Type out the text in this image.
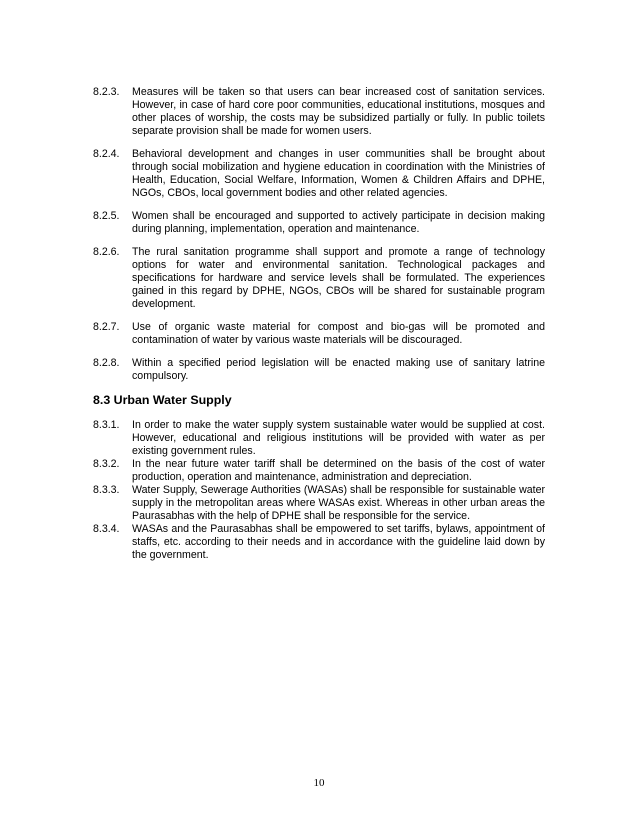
8.2.3.	Measures will be taken so that users can bear increased cost of sanitation services. However, in case of hard core poor communities, educational institutions, mosques and other places of worship, the costs may be subsidized partially or fully. In public toilets separate provision shall be made for women users.
8.2.4.	Behavioral development and changes in user communities shall be brought about through social mobilization and hygiene education in coordination with the Ministries of Health, Education, Social Welfare, Information, Women & Children Affairs and DPHE, NGOs, CBOs, local government bodies and other related agencies.
8.2.5.	Women shall be encouraged and supported to actively participate in decision making during planning, implementation, operation and maintenance.
8.2.6.	The rural sanitation programme shall support and promote a range of technology options for water and environmental sanitation. Technological packages and specifications for hardware and service levels shall be formulated. The experiences gained in this regard by DPHE, NGOs, CBOs will be shared for sustainable program development.
8.2.7.	Use of organic waste material for compost and bio-gas will be promoted and contamination of water by various waste materials will be discouraged.
8.2.8.	Within a specified period legislation will be enacted making use of sanitary latrine compulsory.
8.3 Urban Water Supply
8.3.1.	In order to make the water supply system sustainable water would be supplied at cost. However, educational and religious institutions will be provided with water as per existing government rules.
8.3.2.	In the near future water tariff shall be determined on the basis of the cost of water production, operation and maintenance, administration and depreciation.
8.3.3.	Water Supply, Sewerage Authorities (WASAs) shall be responsible for sustainable water supply in the metropolitan areas where WASAs exist. Whereas in other urban areas the Paurasabhas with the help of DPHE shall be responsible for the service.
8.3.4.	WASAs and the Paurasabhas shall be empowered to set tariffs, bylaws, appointment of staffs, etc. according to their needs and in accordance with the guideline laid down by the government.
10
